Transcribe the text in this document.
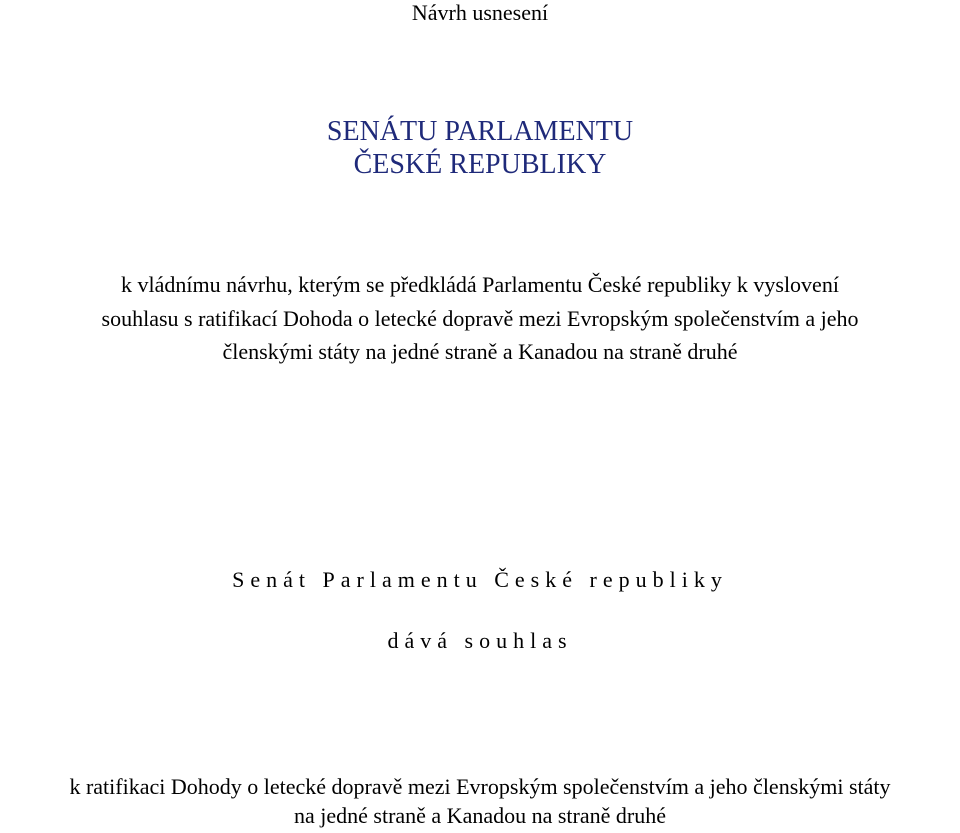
Návrh usnesení
SENÁTU PARLAMENTU
ČESKÉ REPUBLIKY
k vládnímu návrhu, kterým se předkládá Parlamentu České republiky k vyslovení
souhlasu s ratifikací Dohoda o letecké dopravě mezi Evropským společenstvím a jeho
členskými státy na jedné straně a Kanadou na straně druhé
Senát Parlamentu České republiky
dává souhlas
k ratifikaci Dohody o letecké dopravě mezi Evropským společenstvím a jeho členskými státy
na jedné straně a Kanadou na straně druhé
